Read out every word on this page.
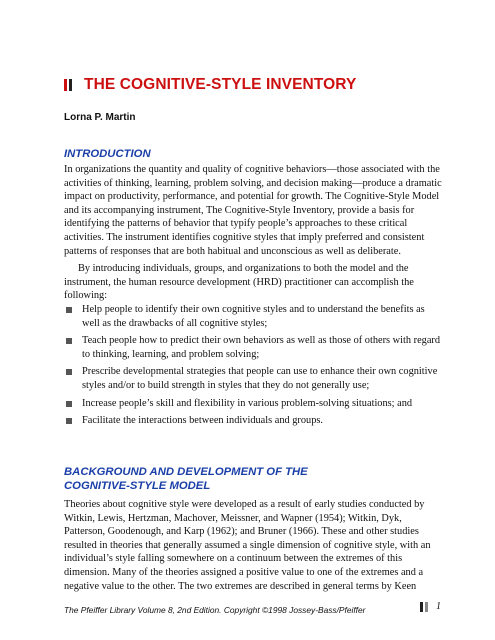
THE COGNITIVE-STYLE INVENTORY
Lorna P. Martin
INTRODUCTION

In organizations the quantity and quality of cognitive behaviors—those associated with the activities of thinking, learning, problem solving, and decision making—produce a dramatic impact on productivity, performance, and potential for growth. The Cognitive-Style Model and its accompanying instrument, The Cognitive-Style Inventory, provide a basis for identifying the patterns of behavior that typify people’s approaches to these critical activities. The instrument identifies cognitive styles that imply preferred and consistent patterns of responses that are both habitual and unconscious as well as deliberate.

By introducing individuals, groups, and organizations to both the model and the instrument, the human resource development (HRD) practitioner can accomplish the following:

Help people to identify their own cognitive styles and to understand the benefits as well as the drawbacks of all cognitive styles;
Teach people how to predict their own behaviors as well as those of others with regard to thinking, learning, and problem solving;
Prescribe developmental strategies that people can use to enhance their own cognitive styles and/or to build strength in styles that they do not generally use;
Increase people’s skill and flexibility in various problem-solving situations; and
Facilitate the interactions between individuals and groups.
BACKGROUND AND DEVELOPMENT OF THE
COGNITIVE-STYLE MODEL

Theories about cognitive style were developed as a result of early studies conducted by Witkin, Lewis, Hertzman, Machover, Meissner, and Wapner (1954); Witkin, Dyk, Patterson, Goodenough, and Karp (1962); and Bruner (1966). These and other studies resulted in theories that generally assumed a single dimension of cognitive style, with an individual’s style falling somewhere on a continuum between the extremes of this dimension. Many of the theories assigned a positive value to one of the extremes and a negative value to the other. The two extremes are described in general terms by Keen

The Pfeiffer Library Volume 8, 2nd Edition. Copyright ©1998 Jossey-Bass/Pfeiffer	1
